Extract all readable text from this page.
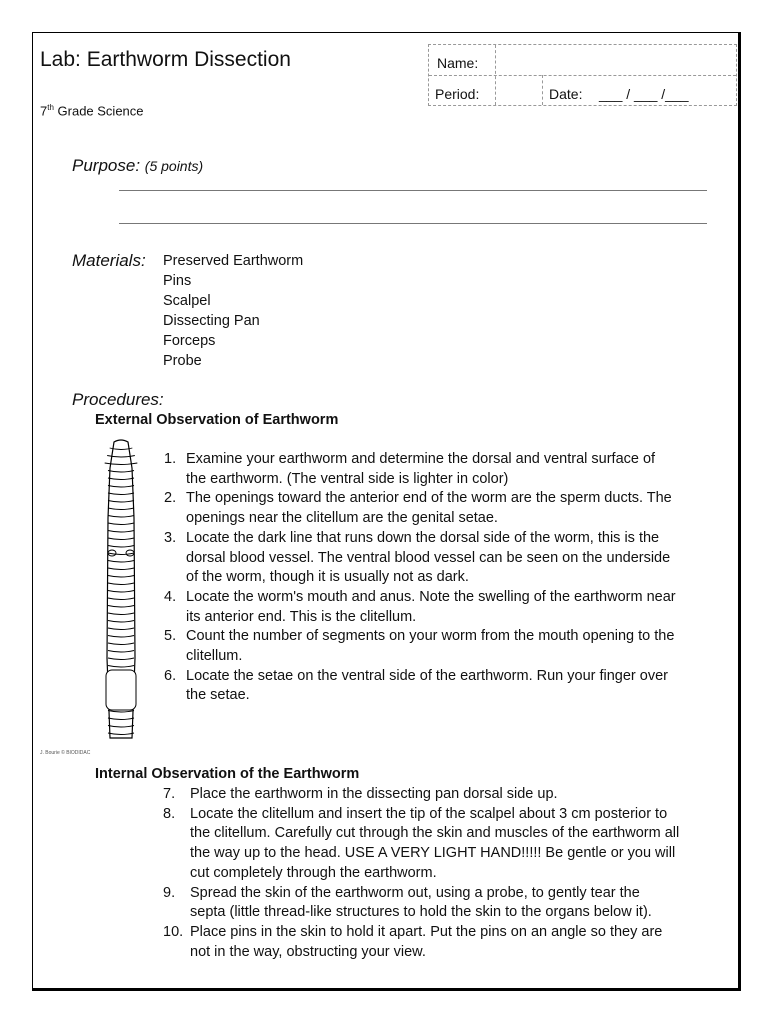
Lab: Earthworm Dissection
7th Grade Science
Name:
Period:	Date: ___ / ___ /___
Purpose: (5 points)
Materials: Preserved Earthworm
Pins
Scalpel
Dissecting Pan
Forceps
Probe
Procedures:
External Observation of Earthworm
1. Examine your earthworm and determine the dorsal and ventral surface of
the earthworm. (The ventral side is lighter in color)
2. The openings toward the anterior end of the worm are the sperm ducts. The
openings near the clitellum are the genital setae.
3. Locate the dark line that runs down the dorsal side of the worm, this is the
dorsal blood vessel. The ventral blood vessel can be seen on the underside
of the worm, though it is usually not as dark.
4. Locate the worm's mouth and anus. Note the swelling of the earthworm near
its anterior end. This is the clitellum.
5. Count the number of segments on your worm from the mouth opening to the
clitellum.
6. Locate the setae on the ventral side of the earthworm. Run your finger over
the setae.
J. Bourie © BIODIDAC
Internal Observation of the Earthworm
7. Place the earthworm in the dissecting pan dorsal side up.
8. Locate the clitellum and insert the tip of the scalpel about 3 cm posterior to
the clitellum. Carefully cut through the skin and muscles of the earthworm all
the way up to the head. USE A VERY LIGHT HAND!!!!! Be gentle or you will
cut completely through the earthworm.
9. Spread the skin of the earthworm out, using a probe, to gently tear the
septa (little thread-like structures to hold the skin to the organs below it).
10. Place pins in the skin to hold it apart. Put the pins on an angle so they are
not in the way, obstructing your view.
